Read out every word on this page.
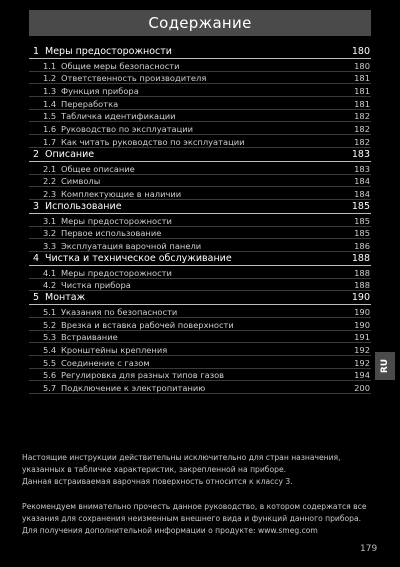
Содержание
1 Меры предосторожности	180
1.1 Общие меры безопасности	180
1.2 Ответственность производителя	181
1.3 Функция прибора	181
1.4 Переработка	181
1.5 Табличка идентификации	182
1.6 Руководство по эксплуатации	182
1.7 Как читать руководство по эксплуатации	182
2 Описание	183
2.1 Общее описание	183
2.2 Символы	184
2.3 Комплектующие в наличии	184
3 Использование	185
3.1 Меры предосторожности	185
3.2 Первое использование	185
3.3 Эксплуатация варочной панели	186
4 Чистка и техническое обслуживание	188
4.1 Меры предосторожности	188
4.2 Чистка прибора	188
5 Монтаж	190
5.1 Указания по безопасности	190
5.2 Врезка и вставка рабочей поверхности	190
5.3 Встраивание	191
5.4 Кронштейны крепления	192
5.5 Соединение с газом	192
5.6 Регулировка для разных типов газов	194
5.7 Подключение к электропитанию	200
RU

Настоящие инструкции действительны исключительно для стран назначения, указанных в табличке характеристик, закрепленной на приборе.

Данная встраиваемая варочная поверхность относится к классу 3.

Рекомендуем внимательно прочесть данное руководство, в котором содержатся все указания для сохранения неизменным внешнего вида и функций данного прибора.

Для получения дополнительной информации о продукте: www.smeg.com

179
